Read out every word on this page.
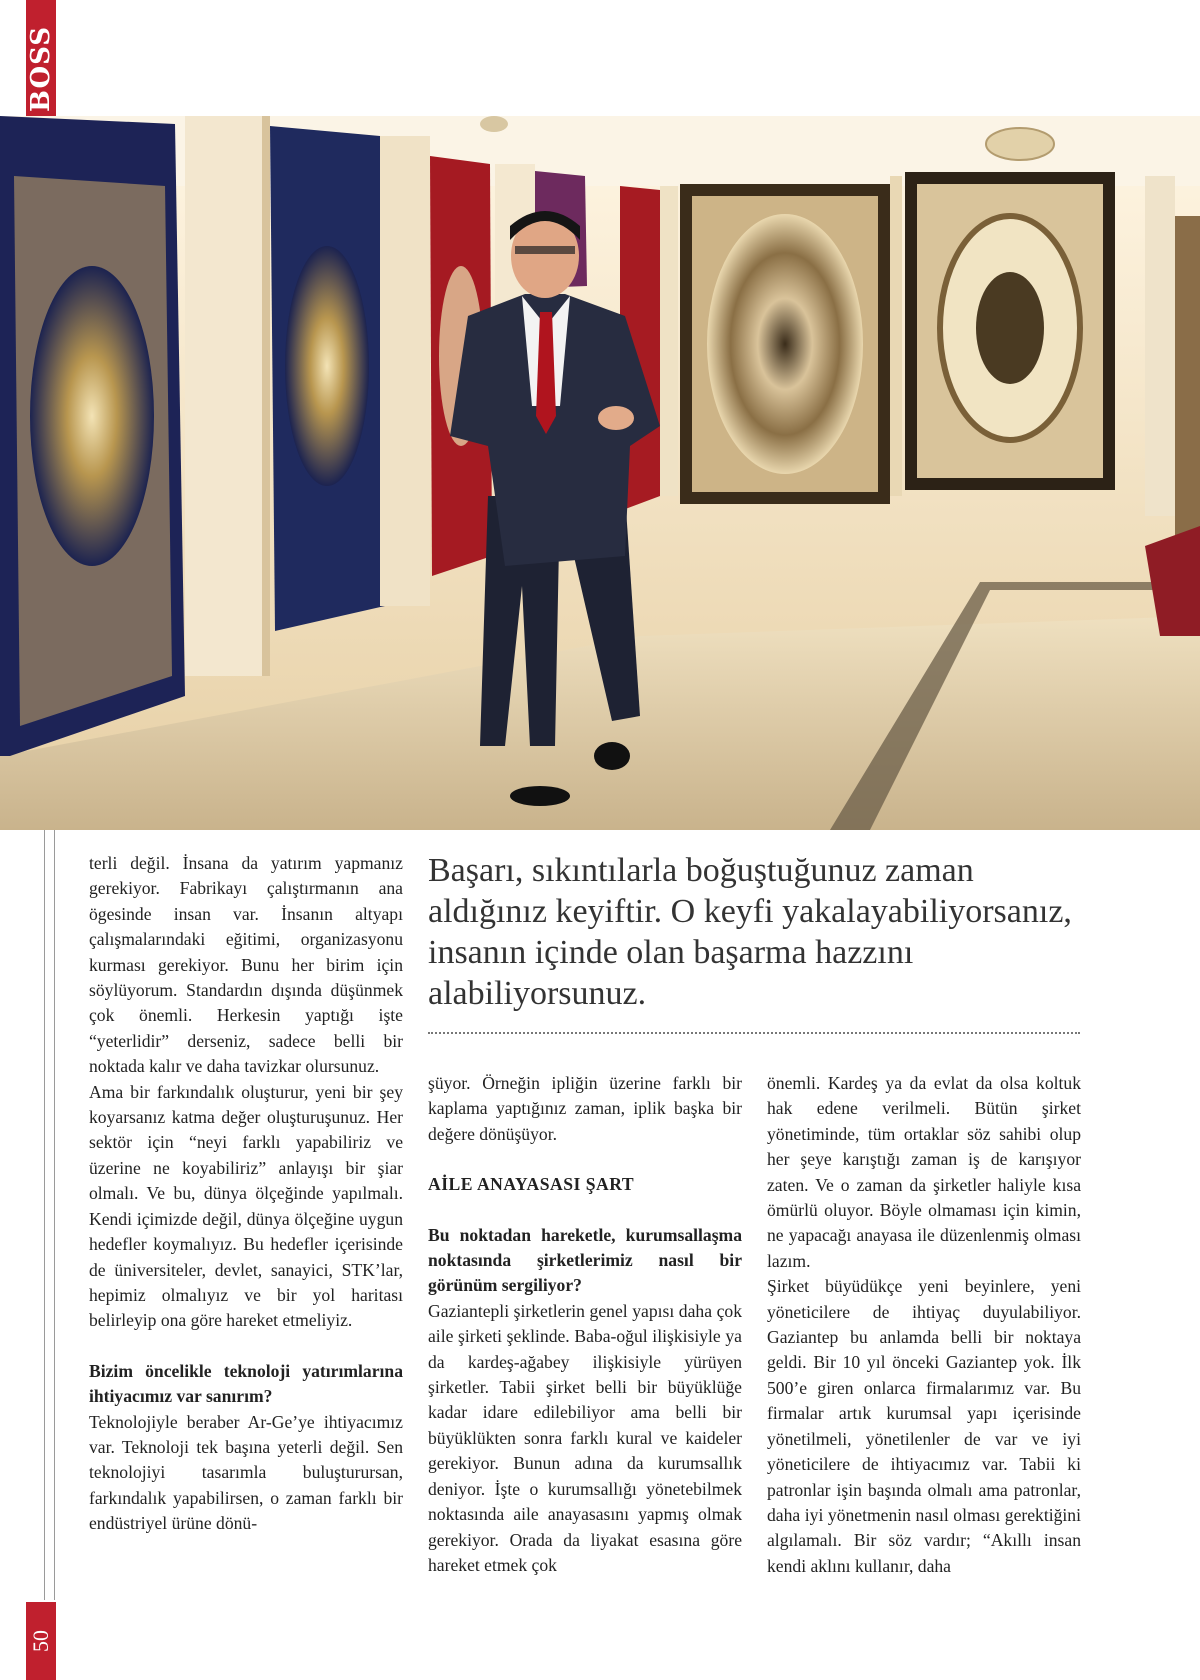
BOSS
50

terli değil. İnsana da yatırım yapmanız gerekiyor. Fabrikayı çalıştırmanın ana ögesinde insan var. İnsanın altyapı çalışmalarındaki eğitimi, organizasyonu kurması gerekiyor. Bunu her birim için söylüyorum. Standardın dışında düşünmek çok önemli. Herkesin yaptığı işte “yeterlidir” derseniz, sadece belli bir noktada kalır ve daha tavizkar olursunuz.

Ama bir farkındalık oluşturur, yeni bir şey koyarsanız katma değer oluşturuşunuz. Her sektör için “neyi farklı yapabiliriz ve üzerine ne koyabiliriz” anlayışı bir şiar olmalı. Ve bu, dünya ölçeğinde yapılmalı. Kendi içimizde değil, dünya ölçeğine uygun hedefler koymalıyız. Bu hedefler içerisinde de üniversiteler, devlet, sanayici, STK’lar, hepimiz olmalıyız ve bir yol haritası belirleyip ona göre hareket etmeliyiz.

Bizim öncelikle teknoloji yatırımlarına ihtiyacımız var sanırım?

Teknolojiyle beraber Ar-Ge’ye ihtiyacımız var. Teknoloji tek başına yeterli değil. Sen teknolojiyi tasarımla buluşturursan, farkındalık yapabilirsen, o zaman farklı bir endüstriyel ürüne dönü-

Başarı, sıkıntılarla boğuştuğunuz zaman aldığınız keyiftir. O keyfi yakalayabiliyorsanız, insanın içinde olan başarma hazzını alabiliyorsunuz.

şüyor. Örneğin ipliğin üzerine farklı bir kaplama yaptığınız zaman, iplik başka bir değere dönüşüyor.

AİLE ANAYASASI ŞART

Bu noktadan hareketle, kurumsallaşma noktasında şirketlerimiz nasıl bir görünüm sergiliyor?

Gaziantepli şirketlerin genel yapısı daha çok aile şirketi şeklinde. Baba-oğul ilişkisiyle ya da kardeş-ağabey ilişkisiyle yürüyen şirketler. Tabii şirket belli bir büyüklüğe kadar idare edilebiliyor ama belli bir büyüklükten sonra farklı kural ve kaideler gerekiyor. Bunun adına da kurumsallık deniyor. İşte o kurumsallığı yönetebilmek noktasında aile anayasasını yapmış olmak gerekiyor. Orada da liyakat esasına göre hareket etmek çok

önemli. Kardeş ya da evlat da olsa koltuk hak edene verilmeli. Bütün şirket yönetiminde, tüm ortaklar söz sahibi olup her şeye karıştığı zaman iş de karışıyor zaten. Ve o zaman da şirketler haliyle kısa ömürlü oluyor. Böyle olmaması için kimin, ne yapacağı anayasa ile düzenlenmiş olması lazım.

Şirket büyüdükçe yeni beyinlere, yeni yöneticilere de ihtiyaç duyulabiliyor. Gaziantep bu anlamda belli bir noktaya geldi. Bir 10 yıl önceki Gaziantep yok. İlk 500’e giren onlarca firmalarımız var. Bu firmalar artık kurumsal yapı içerisinde yönetilmeli, yönetilenler de var ve iyi yöneticilere de ihtiyacımız var. Tabii ki patronlar işin başında olmalı ama patronlar, daha iyi yönetmenin nasıl olması gerektiğini algılamalı. Bir söz vardır; “Akıllı insan kendi aklını kullanır, daha
